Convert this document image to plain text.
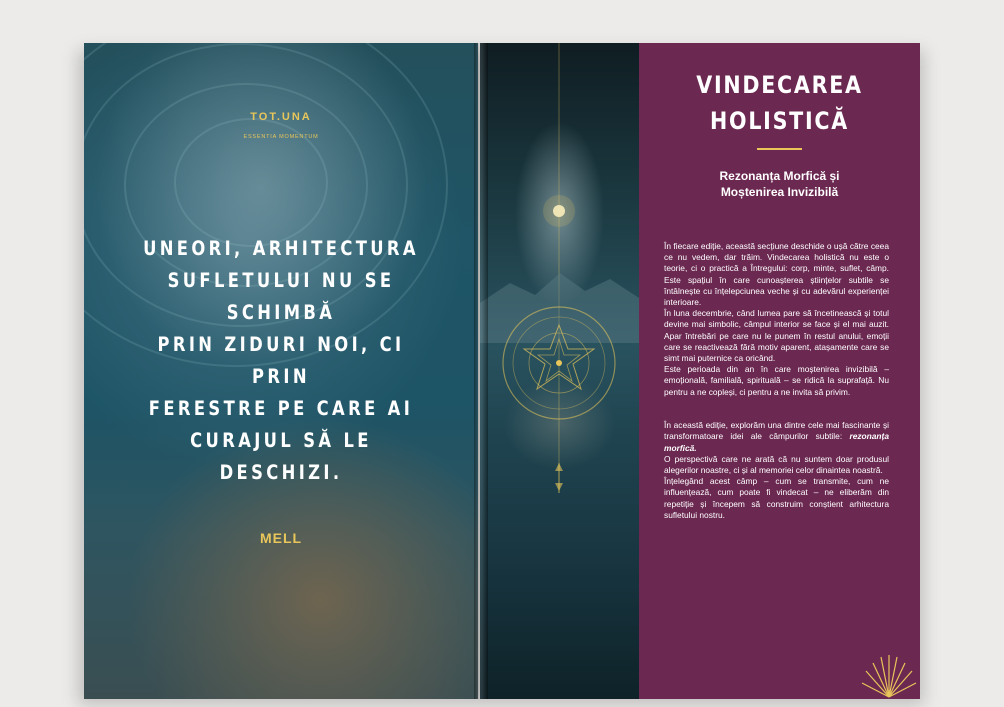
TOT.UNA
ESSENTIA MOMENTUM
UNEORI, ARHITECTURA
SUFLETULUI NU SE SCHIMBĂ
PRIN ZIDURI NOI, CI PRIN
FERESTRE PE CARE AI
CURAJUL SĂ LE DESCHIZI.
MELL
VINDECAREA
HOLISTICĂ
Rezonanța Morfică și
Moștenirea Invizibilă

În fiecare ediție, această secțiune deschide o ușă către ceea ce nu vedem, dar trăim. Vindecarea holistică nu este o teorie, ci o practică a Întregului: corp, minte, suflet, câmp. Este spațiul în care cunoașterea științelor subtile se întâlnește cu înțelepciunea veche și cu adevărul experienței interioare.

În luna decembrie, când lumea pare să încetinească și totul devine mai simbolic, câmpul interior se face și el mai auzit. Apar întrebări pe care nu le punem în restul anului, emoții care se reactivează fără motiv aparent, atașamente care se simt mai puternice ca oricând.

Este perioada din an în care moștenirea invizibilă – emoțională, familială, spirituală – se ridică la suprafață. Nu pentru a ne copleși, ci pentru a ne invita să privim.

În această ediție, explorăm una dintre cele mai fascinante și transformatoare idei ale câmpurilor subtile: rezonanța morfică.

O perspectivă care ne arată că nu suntem doar produsul alegerilor noastre, ci și al memoriei celor dinaintea noastră.

Înțelegând acest câmp – cum se transmite, cum ne influențează, cum poate fi vindecat – ne eliberăm din repetiție și începem să construim conștient arhitectura sufletului nostru.
